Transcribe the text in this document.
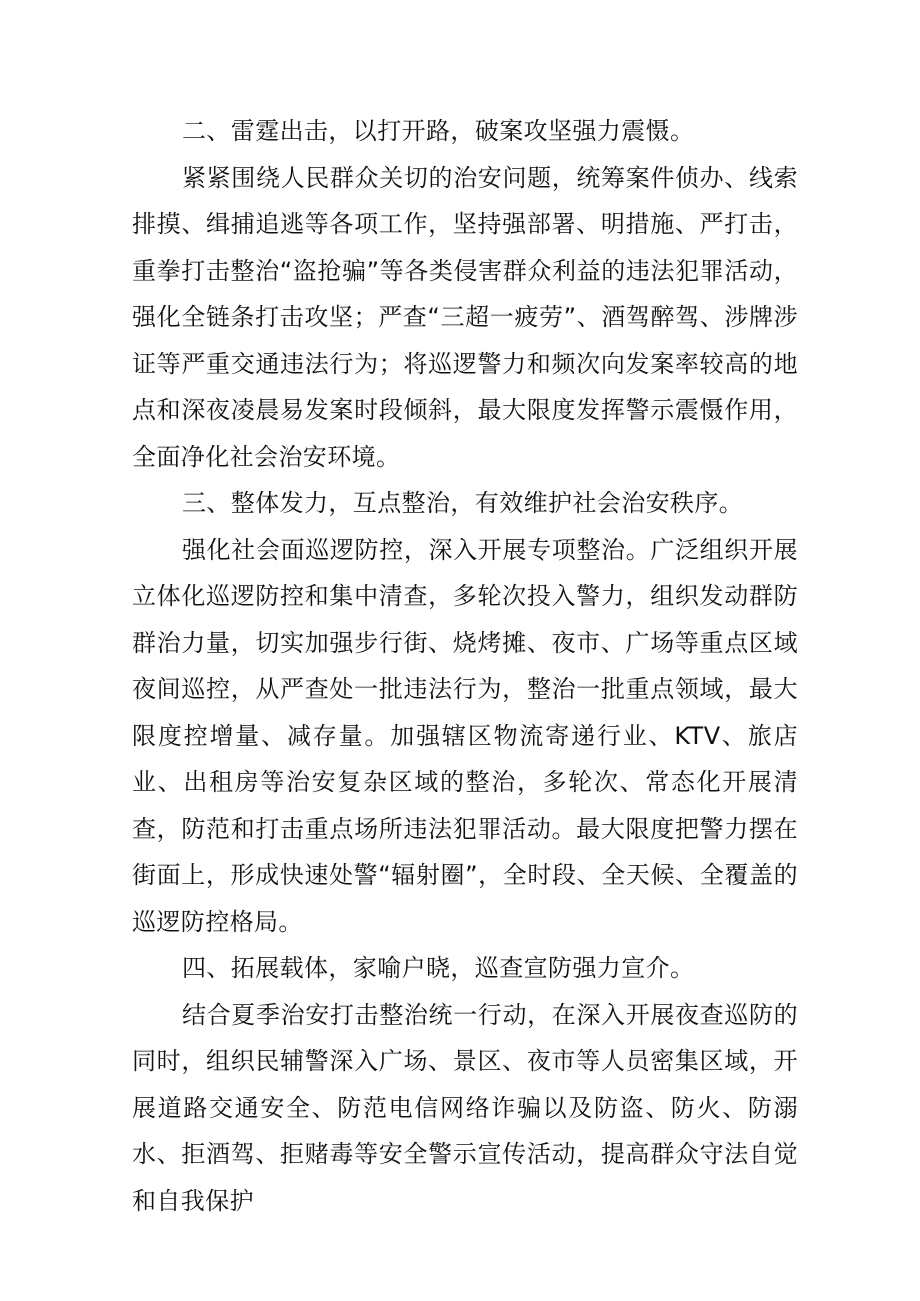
二、雷霆出击，以打开路，破案攻坚强力震慑。

紧紧围绕人民群众关切的治安问题，统筹案件侦办、线索排摸、缉捕追逃等各项工作，坚持强部署、明措施、严打击，重拳打击整治“盗抢骗”等各类侵害群众利益的违法犯罪活动，强化全链条打击攻坚；严查“三超一疲劳”、酒驾醉驾、涉牌涉证等严重交通违法行为；将巡逻警力和频次向发案率较高的地点和深夜凌晨易发案时段倾斜，最大限度发挥警示震慑作用，全面净化社会治安环境。

三、整体发力，互点整治，有效维护社会治安秩序。

强化社会面巡逻防控，深入开展专项整治。广泛组织开展立体化巡逻防控和集中清查，多轮次投入警力，组织发动群防群治力量，切实加强步行街、烧烤摊、夜市、广场等重点区域夜间巡控，从严查处一批违法行为，整治一批重点领域，最大限度控增量、减存量。加强辖区物流寄递行业、KTV、旅店业、出租房等治安复杂区域的整治，多轮次、常态化开展清查，防范和打击重点场所违法犯罪活动。最大限度把警力摆在街面上，形成快速处警“辐射圈”，全时段、全天候、全覆盖的巡逻防控格局。

四、拓展载体，家喻户晓，巡查宣防强力宣介。

结合夏季治安打击整治统一行动，在深入开展夜查巡防的同时，组织民辅警深入广场、景区、夜市等人员密集区域，开展道路交通安全、防范电信网络诈骗以及防盗、防火、防溺水、拒酒驾、拒赌毒等安全警示宣传活动，提高群众守法自觉和自我保护
